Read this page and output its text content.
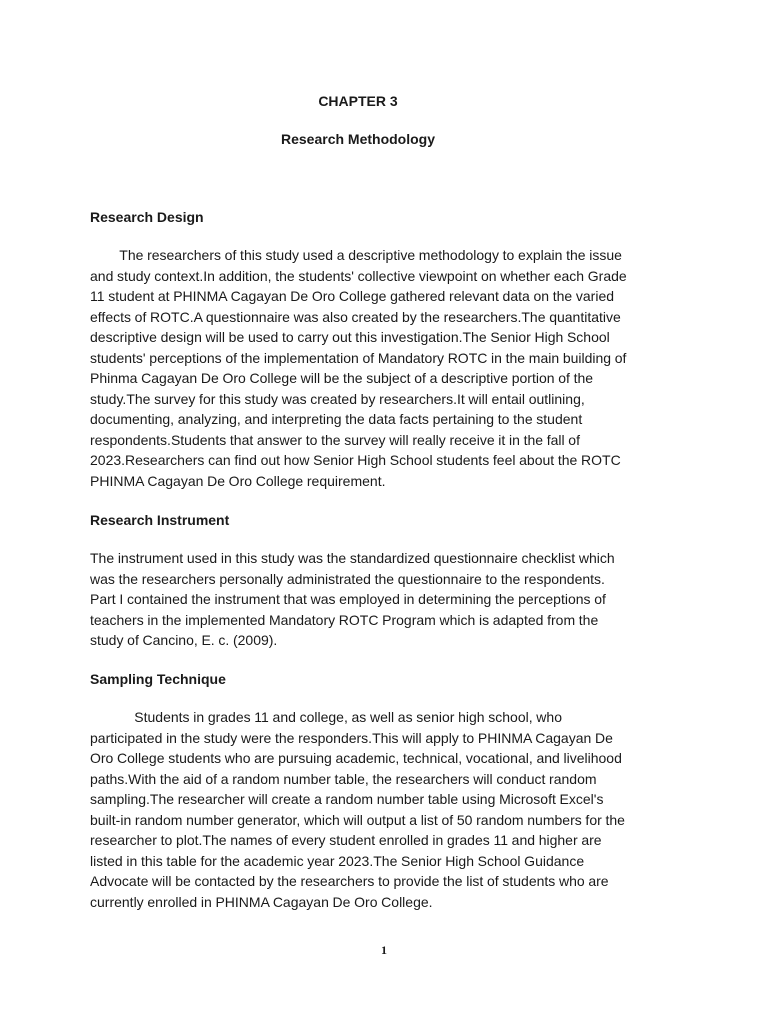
CHAPTER 3
Research Methodology

Research Design

The researchers of this study used a descriptive methodology to explain the issue
and study context.In addition, the students' collective viewpoint on whether each Grade
11 student at PHINMA Cagayan De Oro College gathered relevant data on the varied
effects of ROTC.A questionnaire was also created by the researchers.The quantitative
descriptive design will be used to carry out this investigation.The Senior High School
students' perceptions of the implementation of Mandatory ROTC in the main building of
Phinma Cagayan De Oro College will be the subject of a descriptive portion of the
study.The survey for this study was created by researchers.It will entail outlining,
documenting, analyzing, and interpreting the data facts pertaining to the student
respondents.Students that answer to the survey will really receive it in the fall of
2023.Researchers can find out how Senior High School students feel about the ROTC
PHINMA Cagayan De Oro College requirement.

Research Instrument

The instrument used in this study was the standardized questionnaire checklist which
was the researchers personally administrated the questionnaire to the respondents.
Part I contained the instrument that was employed in determining the perceptions of
teachers in the implemented Mandatory ROTC Program which is adapted from the
study of Cancino, E. c. (2009).

Sampling Technique

Students in grades 11 and college, as well as senior high school, who
participated in the study were the responders.This will apply to PHINMA Cagayan De
Oro College students who are pursuing academic, technical, vocational, and livelihood
paths.With the aid of a random number table, the researchers will conduct random
sampling.The researcher will create a random number table using Microsoft Excel's
built-in random number generator, which will output a list of 50 random numbers for the
researcher to plot.The names of every student enrolled in grades 11 and higher are
listed in this table for the academic year 2023.The Senior High School Guidance
Advocate will be contacted by the researchers to provide the list of students who are
currently enrolled in PHINMA Cagayan De Oro College.

1
